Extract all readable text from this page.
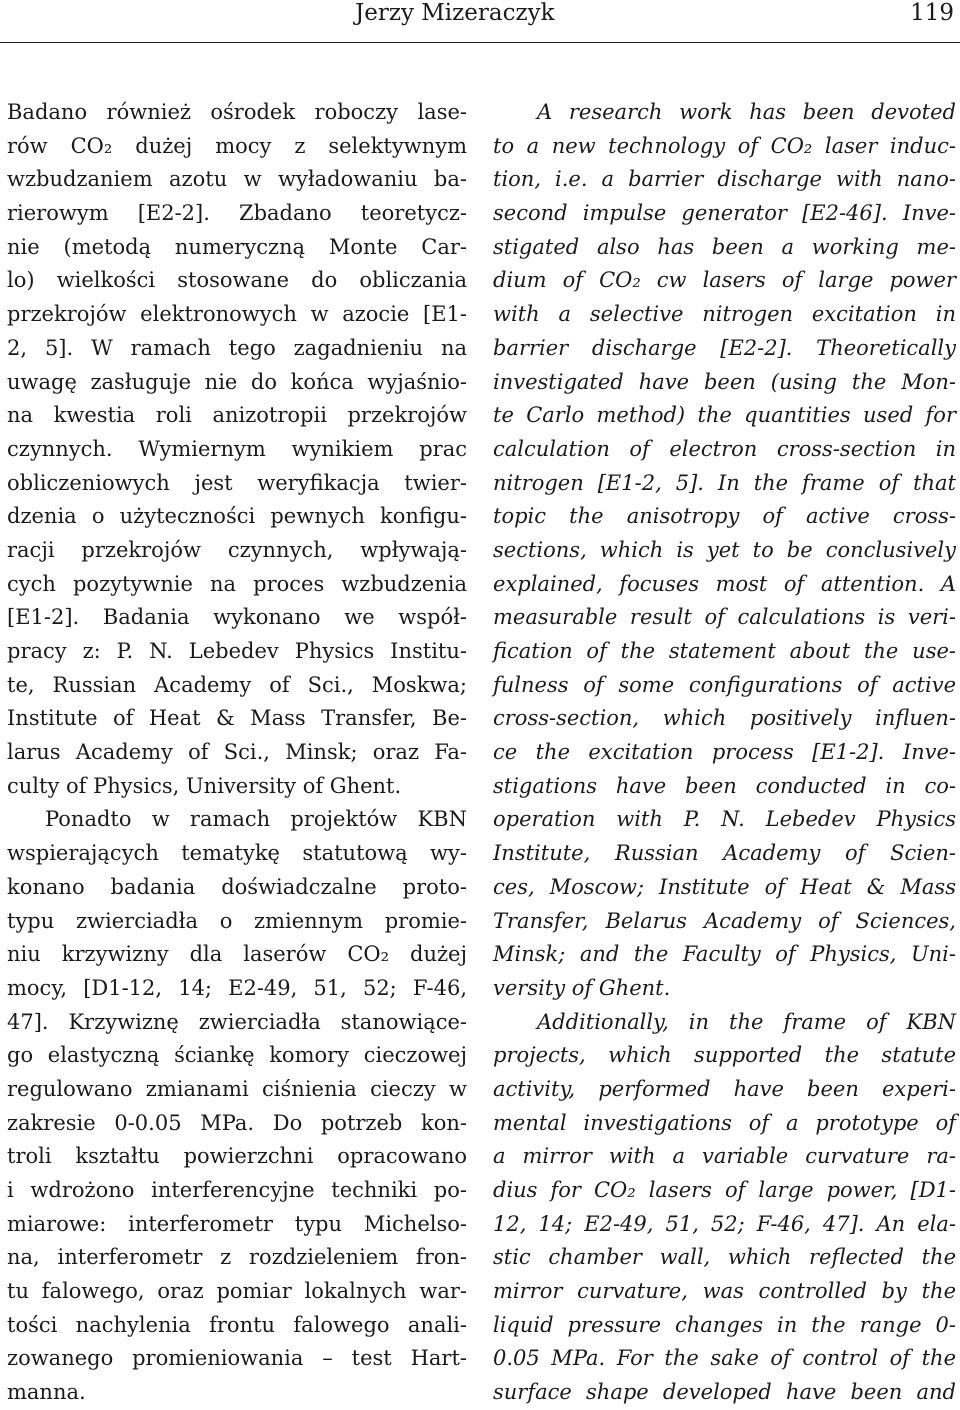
Jerzy Mizeraczyk	119
Badano również ośrodek roboczy lase-
rów CO₂ dużej mocy z selektywnym
wzbudzaniem azotu w wyładowaniu ba-
rierowym [E2-2]. Zbadano teoretycz-
nie (metodą numeryczną Monte Car-
lo) wielkości stosowane do obliczania
przekrojów elektronowych w azocie [E1-
2, 5]. W ramach tego zagadnieniu na
uwagę zasługuje nie do końca wyjaśnio-
na kwestia roli anizotropii przekrojów
czynnych. Wymiernym wynikiem prac
obliczeniowych jest weryfikacja twier-
dzenia o użyteczności pewnych konfigu-
racji przekrojów czynnych, wpływają-
cych pozytywnie na proces wzbudzenia
[E1-2]. Badania wykonano we współ-
pracy z: P. N. Lebedev Physics Institu-
te, Russian Academy of Sci., Moskwa;
Institute of Heat & Mass Transfer, Be-
larus Academy of Sci., Minsk; oraz Fa-
culty of Physics, University of Ghent.
Ponadto w ramach projektów KBN
wspierających tematykę statutową wy-
konano badania doświadczalne proto-
typu zwierciadła o zmiennym promie-
niu krzywizny dla laserów CO₂ dużej
mocy, [D1-12, 14; E2-49, 51, 52; F-46,
47]. Krzywiznę zwierciadła stanowiące-
go elastyczną ściankę komory cieczowej
regulowano zmianami ciśnienia cieczy w
zakresie 0-0.05 MPa. Do potrzeb kon-
troli kształtu powierzchni opracowano
i wdrożono interferencyjne techniki po-
miarowe: interferometr typu Michelso-
na, interferometr z rozdzieleniem fron-
tu falowego, oraz pomiar lokalnych war-
tości nachylenia frontu falowego anali-
zowanego promieniowania – test Hart-
manna.
A research work has been devoted
to a new technology of CO₂ laser induc-
tion, i.e. a barrier discharge with nano-
second impulse generator [E2-46]. Inve-
stigated also has been a working me-
dium of CO₂ cw lasers of large power
with a selective nitrogen excitation in
barrier discharge [E2-2]. Theoretically
investigated have been (using the Mon-
te Carlo method) the quantities used for
calculation of electron cross-section in
nitrogen [E1-2, 5]. In the frame of that
topic the anisotropy of active cross-
sections, which is yet to be conclusively
explained, focuses most of attention. A
measurable result of calculations is veri-
fication of the statement about the use-
fulness of some configurations of active
cross-section, which positively influen-
ce the excitation process [E1-2]. Inve-
stigations have been conducted in co-
operation with P. N. Lebedev Physics
Institute, Russian Academy of Scien-
ces, Moscow; Institute of Heat & Mass
Transfer, Belarus Academy of Sciences,
Minsk; and the Faculty of Physics, Uni-
versity of Ghent.
Additionally, in the frame of KBN
projects, which supported the statute
activity, performed have been experi-
mental investigations of a prototype of
a mirror with a variable curvature ra-
dius for CO₂ lasers of large power, [D1-
12, 14; E2-49, 51, 52; F-46, 47]. An ela-
stic chamber wall, which reflected the
mirror curvature, was controlled by the
liquid pressure changes in the range 0-
0.05 MPa. For the sake of control of the
surface shape developed have been and
